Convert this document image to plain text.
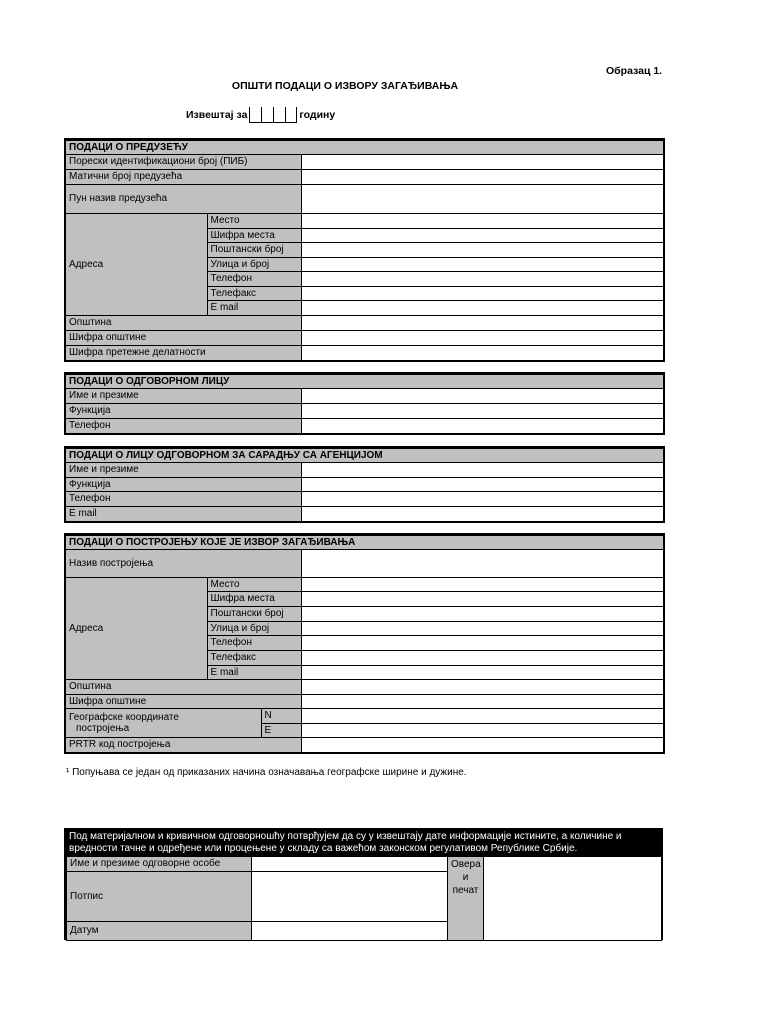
Образац 1.
ОПШТИ ПОДАЦИ О ИЗВОРУ ЗАГАЂИВАЊА
Извештај за	годину
ПОДАЦИ О ПРЕДУЗЕЋУ		
Порески идентификациони број (ПИБ)		
Матични број предузећа		
Пун назив предузећа		
Адреса	Место	
	Шифра места	
	Поштански број	
	Улица и број	
	Телефон	
	Телефакс	
	E mail	
Општина		
Шифра општине		
Шифра претежне делатности		
ПОДАЦИ О ОДГОВОРНОМ ЛИЦУ	
Име и презиме	
Функција	
Телефон	
ПОДАЦИ О ЛИЦУ ОДГОВОРНОМ ЗА САРАДЊУ СА АГЕНЦИЈОМ	
Име и презиме	
Функција	
Телефон	
E mail	
ПОДАЦИ О ПОСТРОЈЕЊУ КОЈЕ ЈЕ ИЗВОР ЗАГАЂИВАЊА			
Назив постројења			
Адреса	Место		
	Шифра места		
	Поштански број		
	Улица и број		
	Телефон		
	Телефакс		
	E mail		
Општина			
Шифра општине			

Географске координате
постројења		N	
		E	
PRTR код постројења			
¹ Попуњава се један од приказаних начина означавања географске ширине и дужине.
Под материјалном и кривичном одговорношћу потврђујем да су у извештају дате информације истините, а количине и
вредности тачне и одређене или процењене у складу са важећом законском регулативом Републике Србије.
Име и презиме одговорне особе		Овера
и
печат	

Потпис			
Датум			
